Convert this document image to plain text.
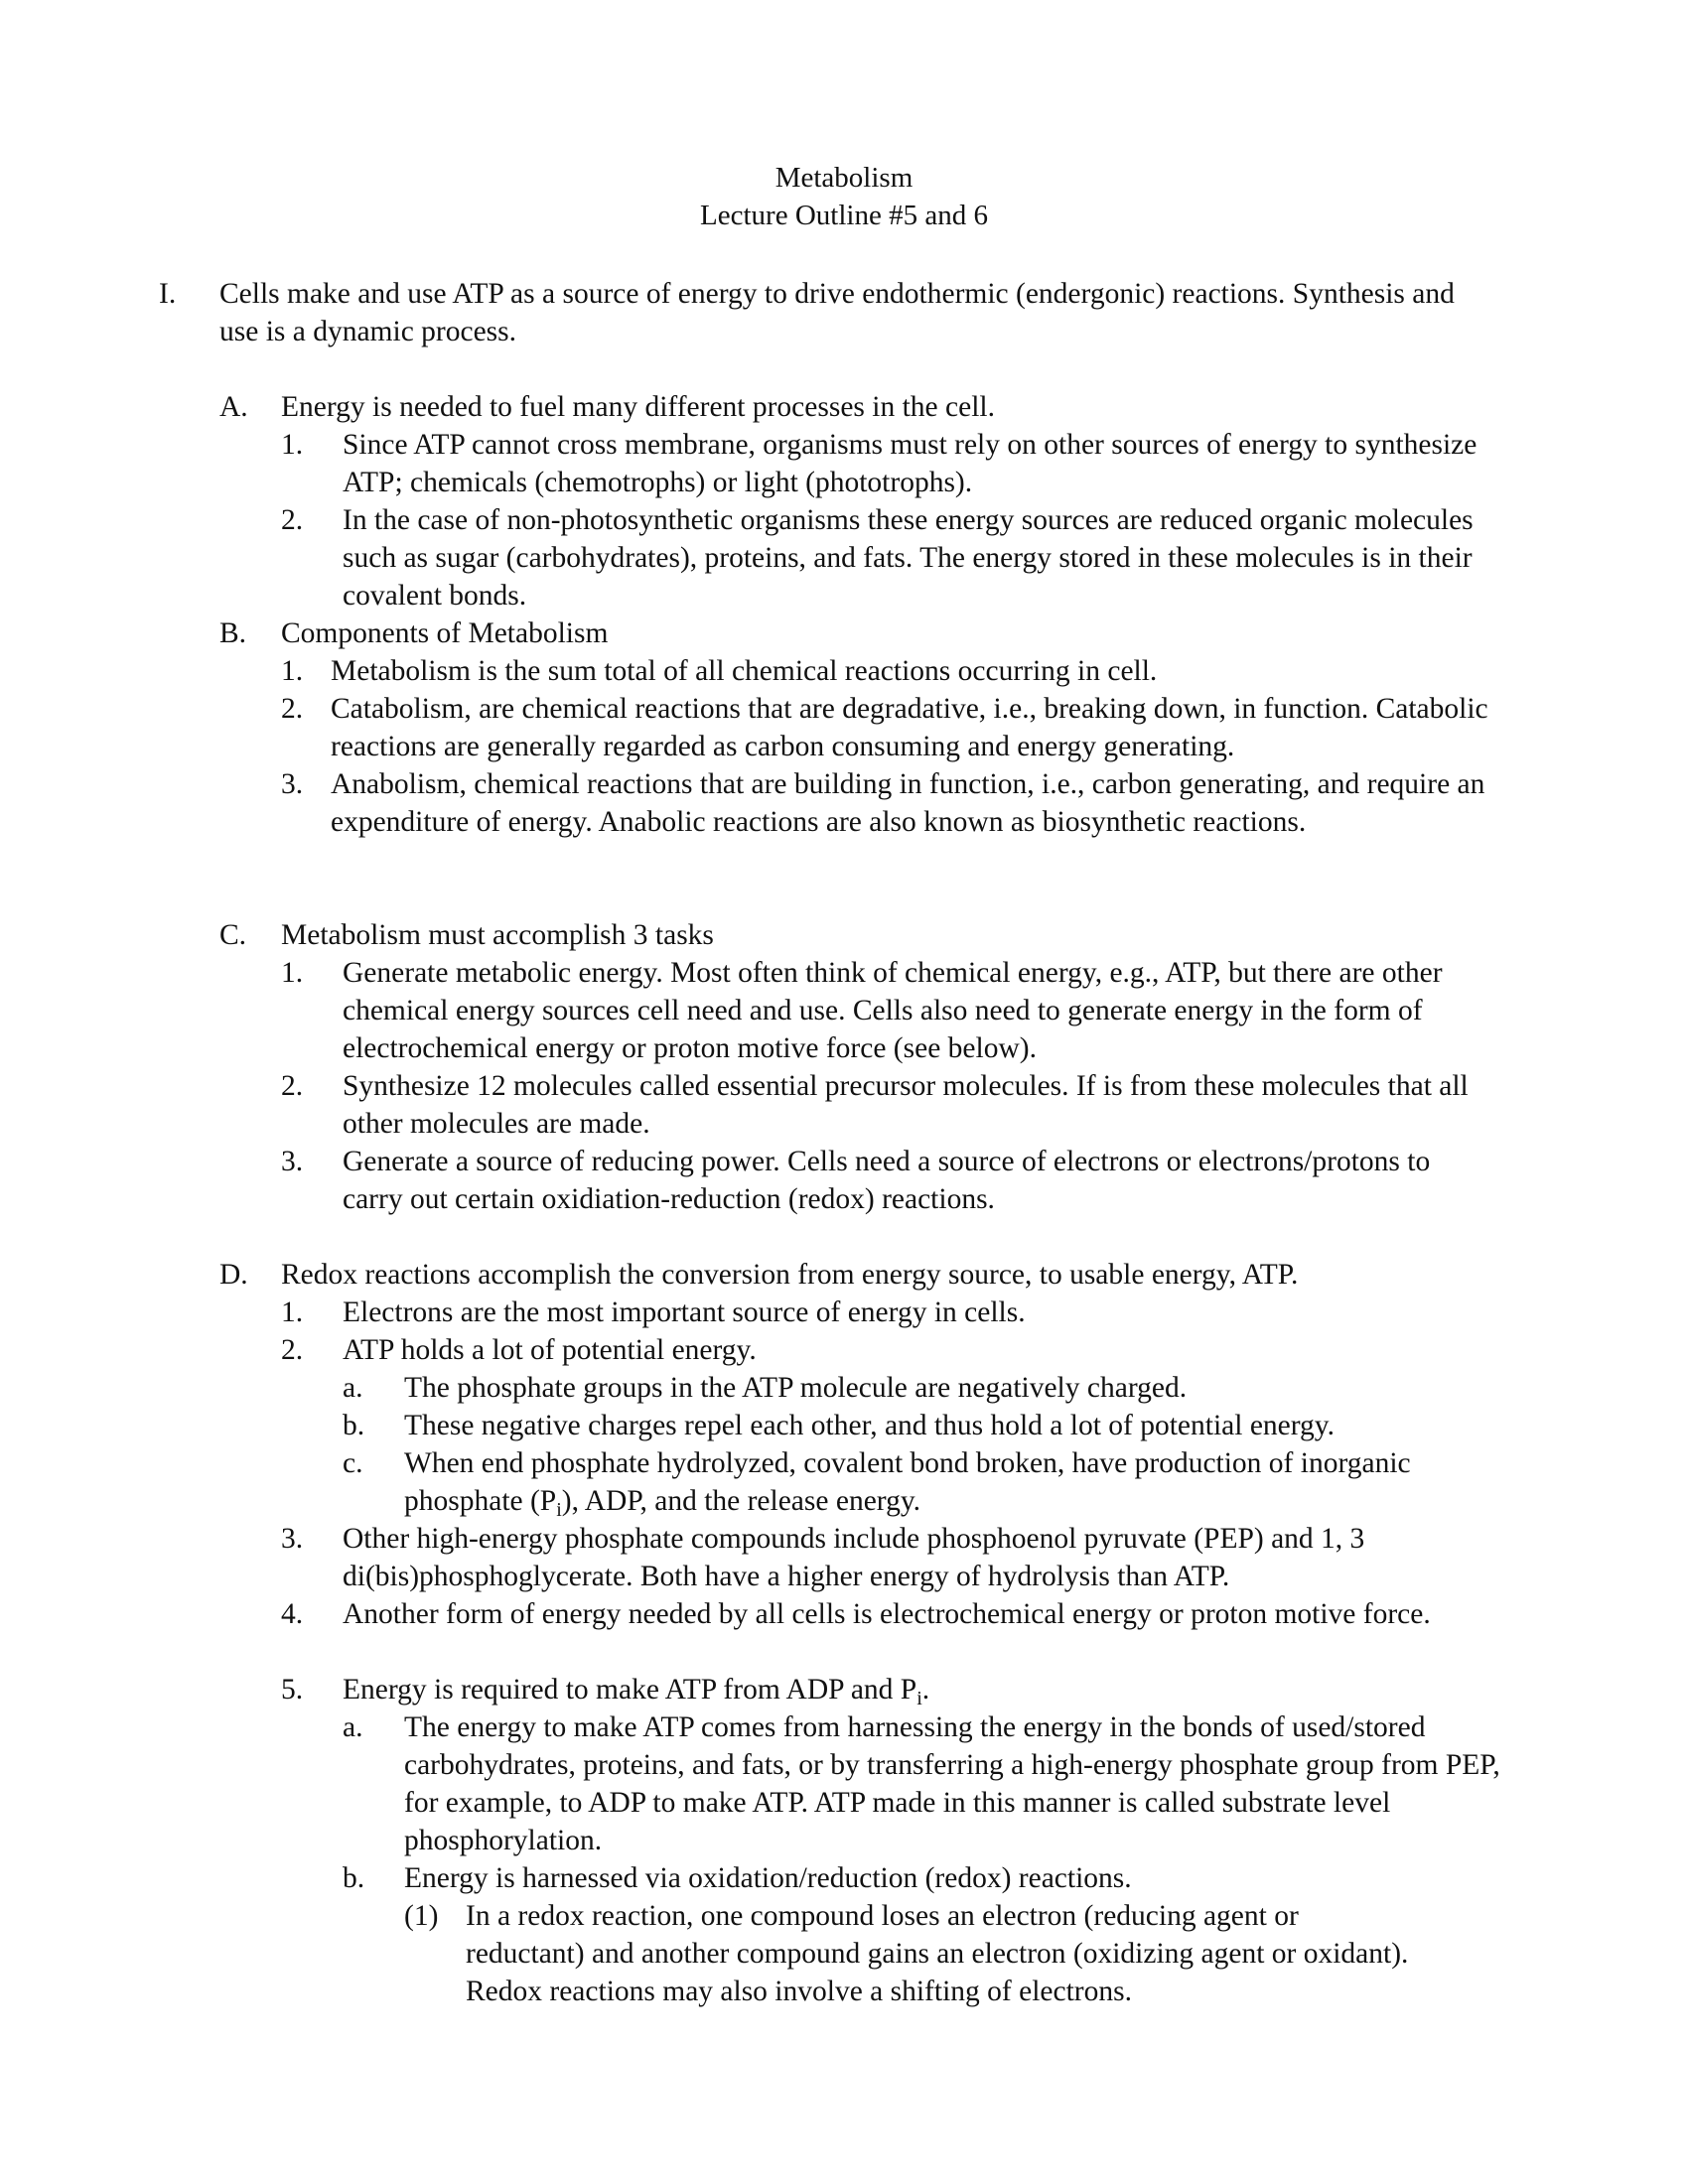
Metabolism
Lecture Outline #5 and 6
I. Cells make and use ATP as a source of energy to drive endothermic (endergonic) reactions. Synthesis and use is a dynamic process.
A. Energy is needed to fuel many different processes in the cell.
1. Since ATP cannot cross membrane, organisms must rely on other sources of energy to synthesize ATP; chemicals (chemotrophs) or light (phototrophs).
2. In the case of non-photosynthetic organisms these energy sources are reduced organic molecules such as sugar (carbohydrates), proteins, and fats. The energy stored in these molecules is in their covalent bonds.
B. Components of Metabolism
1. Metabolism is the sum total of all chemical reactions occurring in cell.
2. Catabolism, are chemical reactions that are degradative, i.e., breaking down, in function. Catabolic reactions are generally regarded as carbon consuming and energy generating.
3. Anabolism, chemical reactions that are building in function, i.e., carbon generating, and require an expenditure of energy. Anabolic reactions are also known as biosynthetic reactions.
C. Metabolism must accomplish 3 tasks
1. Generate metabolic energy. Most often think of chemical energy, e.g., ATP, but there are other chemical energy sources cell need and use. Cells also need to generate energy in the form of electrochemical energy or proton motive force (see below).
2. Synthesize 12 molecules called essential precursor molecules. If is from these molecules that all other molecules are made.
3. Generate a source of reducing power. Cells need a source of electrons or electrons/protons to carry out certain oxidiation-reduction (redox) reactions.
D. Redox reactions accomplish the conversion from energy source, to usable energy, ATP.
1. Electrons are the most important source of energy in cells.
2. ATP holds a lot of potential energy.
a. The phosphate groups in the ATP molecule are negatively charged.
b. These negative charges repel each other, and thus hold a lot of potential energy.
c. When end phosphate hydrolyzed, covalent bond broken, have production of inorganic phosphate $(P_i)$, ADP, and the release energy.
3. Other high-energy phosphate compounds include phosphoenol pyruvate (PEP) and 1, 3 di(bis)phosphoglycerate. Both have a higher energy of hydrolysis than ATP.
4. Another form of energy needed by all cells is electrochemical energy or proton motive force.
5. Energy is required to make ATP from ADP and $P_i$.
a. The energy to make ATP comes from harnessing the energy in the bonds of used/stored carbohydrates, proteins, and fats, or by transferring a high-energy phosphate group from PEP, for example, to ADP to make ATP. ATP made in this manner is called substrate level phosphorylation.
b. Energy is harnessed via oxidation/reduction (redox) reactions.
(1) In a redox reaction, one compound loses an electron (reducing agent or reductant) and another compound gains an electron (oxidizing agent or oxidant). Redox reactions may also involve a shifting of electrons.
